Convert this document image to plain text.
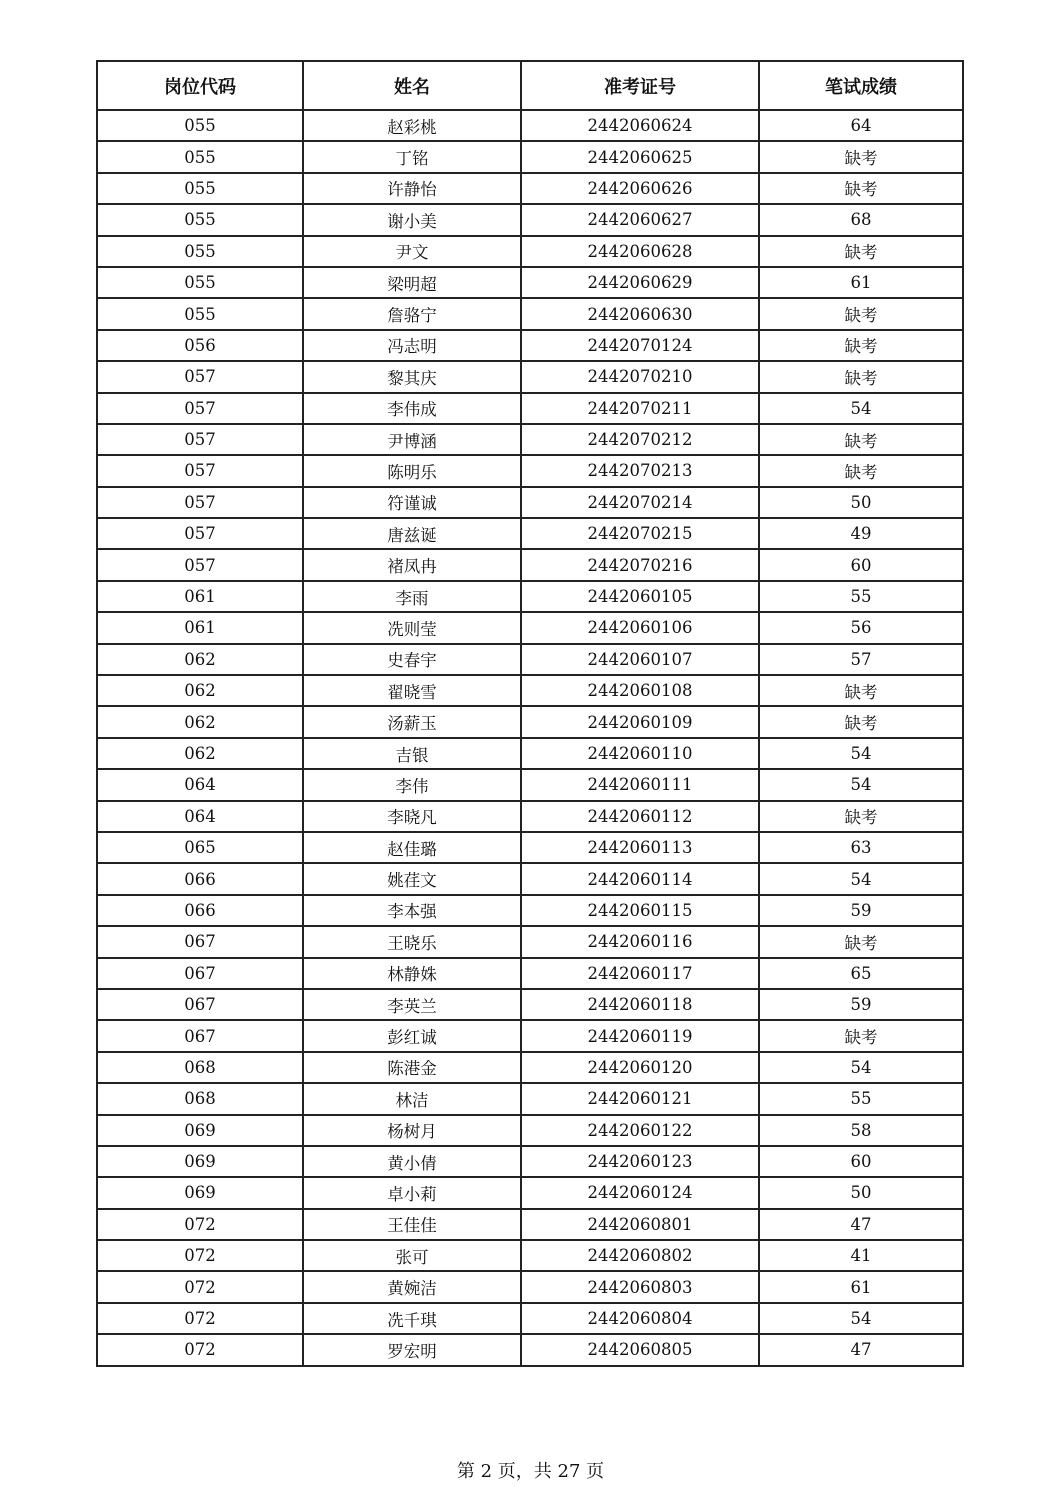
岗位代码	姓名	准考证号	笔试成绩
055	赵彩桃	2442060624	64
055	丁铭	2442060625	缺考
055	许静怡	2442060626	缺考
055	谢小美	2442060627	68
055	尹文	2442060628	缺考
055	梁明超	2442060629	61
055	詹骆宁	2442060630	缺考
056	冯志明	2442070124	缺考
057	黎其庆	2442070210	缺考
057	李伟成	2442070211	54
057	尹博涵	2442070212	缺考
057	陈明乐	2442070213	缺考
057	符谨诚	2442070214	50
057	唐兹诞	2442070215	49
057	褚凤冉	2442070216	60
061	李雨	2442060105	55
061	冼则莹	2442060106	56
062	史春宇	2442060107	57
062	翟晓雪	2442060108	缺考
062	汤薪玉	2442060109	缺考
062	吉银	2442060110	54
064	李伟	2442060111	54
064	李晓凡	2442060112	缺考
065	赵佳璐	2442060113	63
066	姚荏文	2442060114	54
066	李本强	2442060115	59
067	王晓乐	2442060116	缺考
067	林静姝	2442060117	65
067	李英兰	2442060118	59
067	彭红诚	2442060119	缺考
068	陈港金	2442060120	54
068	林洁	2442060121	55
069	杨树月	2442060122	58
069	黄小倩	2442060123	60
069	卓小莉	2442060124	50
072	王佳佳	2442060801	47
072	张可	2442060802	41
072	黄婉洁	2442060803	61
072	冼千琪	2442060804	54
072	罗宏明	2442060805	47
第 2 页，共 27 页
